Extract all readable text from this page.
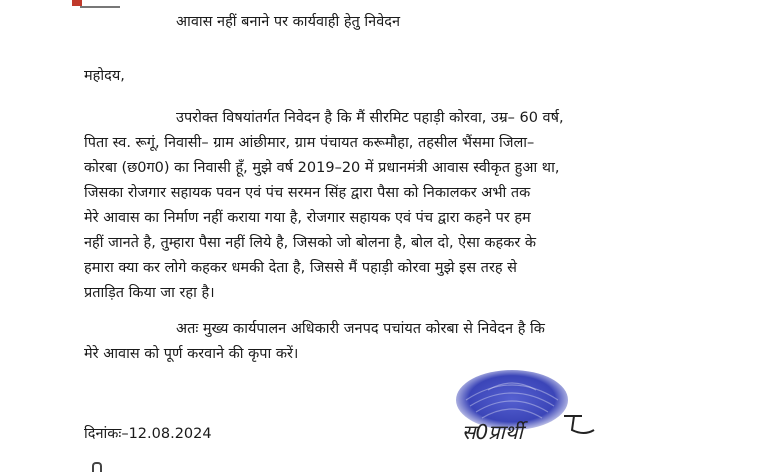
आवास नहीं बनाने पर कार्यवाही हेतु निवेदन
महोदय,
उपरोक्त विषयांतर्गत निवेदन है कि मैं सीरमिट पहाड़ी कोरवा, उम्र– 60 वर्ष,
पिता स्व. रूगूं, निवासी– ग्राम आंछीमार, ग्राम पंचायत करूमौहा, तहसील भैंसमा जिला–
कोरबा (छ0ग0) का निवासी हूँ, मुझे वर्ष 2019–20 में प्रधानमंत्री आवास स्वीकृत हुआ था,
जिसका रोजगार सहायक पवन एवं पंच सरमन सिंह द्वारा पैसा को निकालकर अभी तक
मेरे आवास का निर्माण नहीं कराया गया है, रोजगार सहायक एवं पंच द्वारा कहने पर हम
नहीं जानते है, तुम्हारा पैसा नहीं लिये है, जिसको जो बोलना है, बोल दो, ऐसा कहकर के
हमारा क्या कर लोगे कहकर धमकी देता है, जिससे मैं पहाड़ी कोरवा मुझे इस तरह से
प्रताड़ित किया जा रहा है।
अतः मुख्य कार्यपालन अधिकारी जनपद पचांयत कोरबा से निवेदन है कि
मेरे आवास को पूर्ण करवाने की कृपा करें।
दिनांकः–12.08.2024	स0प्रार्थी
